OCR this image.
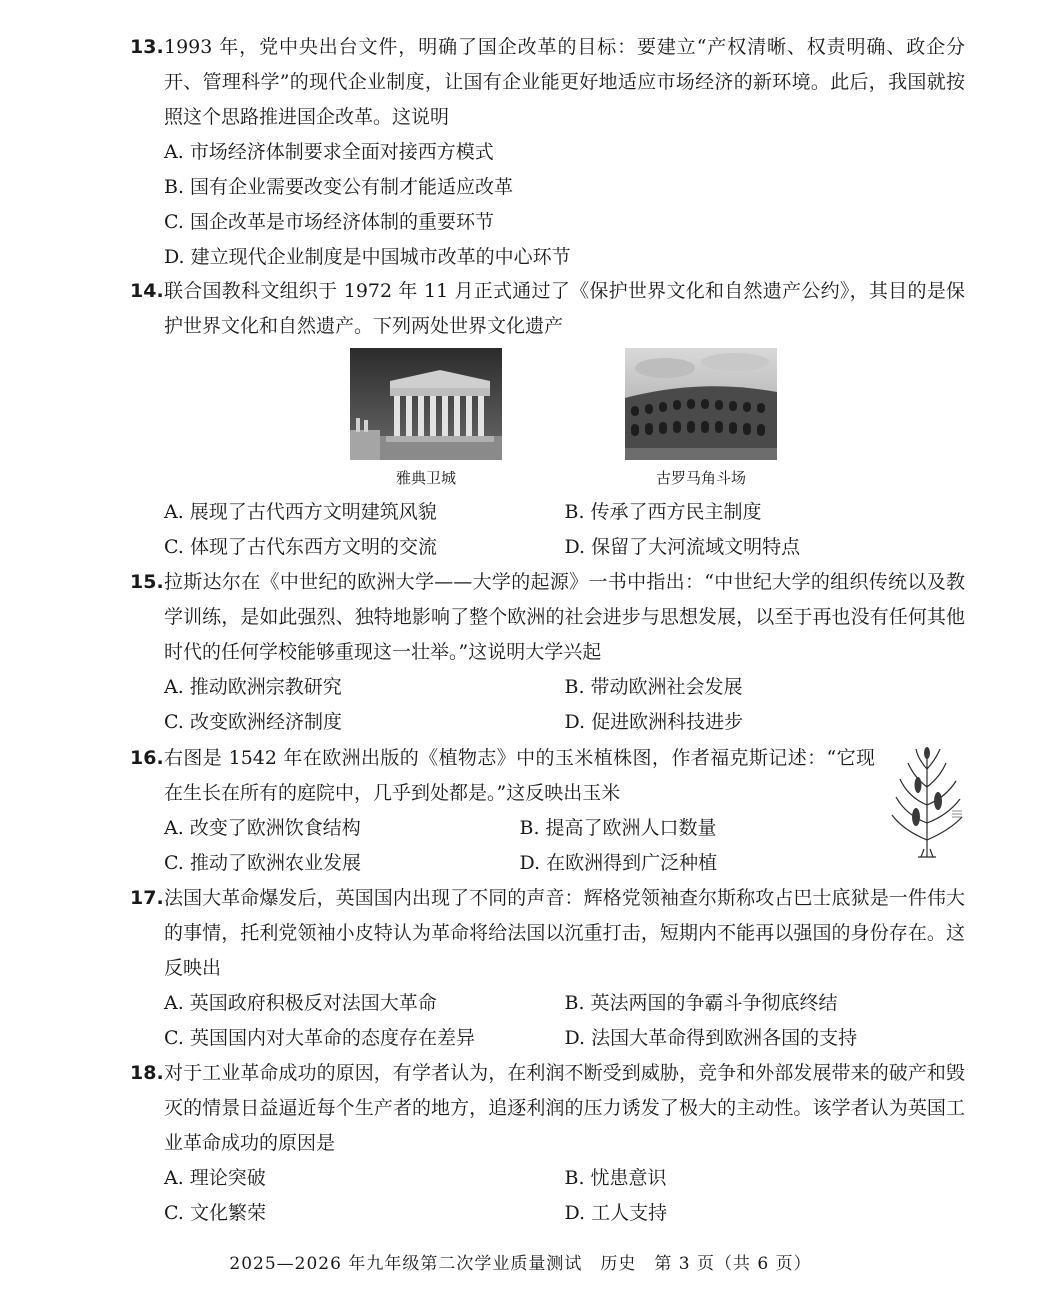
13. 1993 年，党中央出台文件，明确了国企改革的目标：要建立“产权清晰、权责明确、政企分开、管理科学”的现代企业制度，让国有企业能更好地适应市场经济的新环境。此后，我国就按照这个思路推进国企改革。这说明
A. 市场经济体制要求全面对接西方模式
B. 国有企业需要改变公有制才能适应改革
C. 国企改革是市场经济体制的重要环节
D. 建立现代企业制度是中国城市改革的中心环节
14. 联合国教科文组织于 1972 年 11 月正式通过了《保护世界文化和自然遗产公约》，其目的是保护世界文化和自然遗产。下列两处世界文化遗产
雅典卫城	古罗马角斗场
A. 展现了古代西方文明建筑风貌	B. 传承了西方民主制度
C. 体现了古代东西方文明的交流	D. 保留了大河流域文明特点
15. 拉斯达尔在《中世纪的欧洲大学——大学的起源》一书中指出：“中世纪大学的组织传统以及教学训练，是如此强烈、独特地影响了整个欧洲的社会进步与思想发展，以至于再也没有任何其他时代的任何学校能够重现这一壮举。”这说明大学兴起
A. 推动欧洲宗教研究	B. 带动欧洲社会发展
C. 改变欧洲经济制度	D. 促进欧洲科技进步
16. 右图是 1542 年在欧洲出版的《植物志》中的玉米植株图，作者福克斯记述：“它现在生长在所有的庭院中，几乎到处都是。”这反映出玉米
A. 改变了欧洲饮食结构	B. 提高了欧洲人口数量
C. 推动了欧洲农业发展	D. 在欧洲得到广泛种植
17. 法国大革命爆发后，英国国内出现了不同的声音：辉格党领袖查尔斯称攻占巴士底狱是一件伟大的事情，托利党领袖小皮特认为革命将给法国以沉重打击，短期内不能再以强国的身份存在。这反映出
A. 英国政府积极反对法国大革命	B. 英法两国的争霸斗争彻底终结
C. 英国国内对大革命的态度存在差异	D. 法国大革命得到欧洲各国的支持
18. 对于工业革命成功的原因，有学者认为，在利润不断受到威胁，竞争和外部发展带来的破产和毁灭的情景日益逼近每个生产者的地方，追逐利润的压力诱发了极大的主动性。该学者认为英国工业革命成功的原因是
A. 理论突破	B. 忧患意识
C. 文化繁荣	D. 工人支持
2025—2026 年九年级第二次学业质量测试　历史　第 3 页（共 6 页）
